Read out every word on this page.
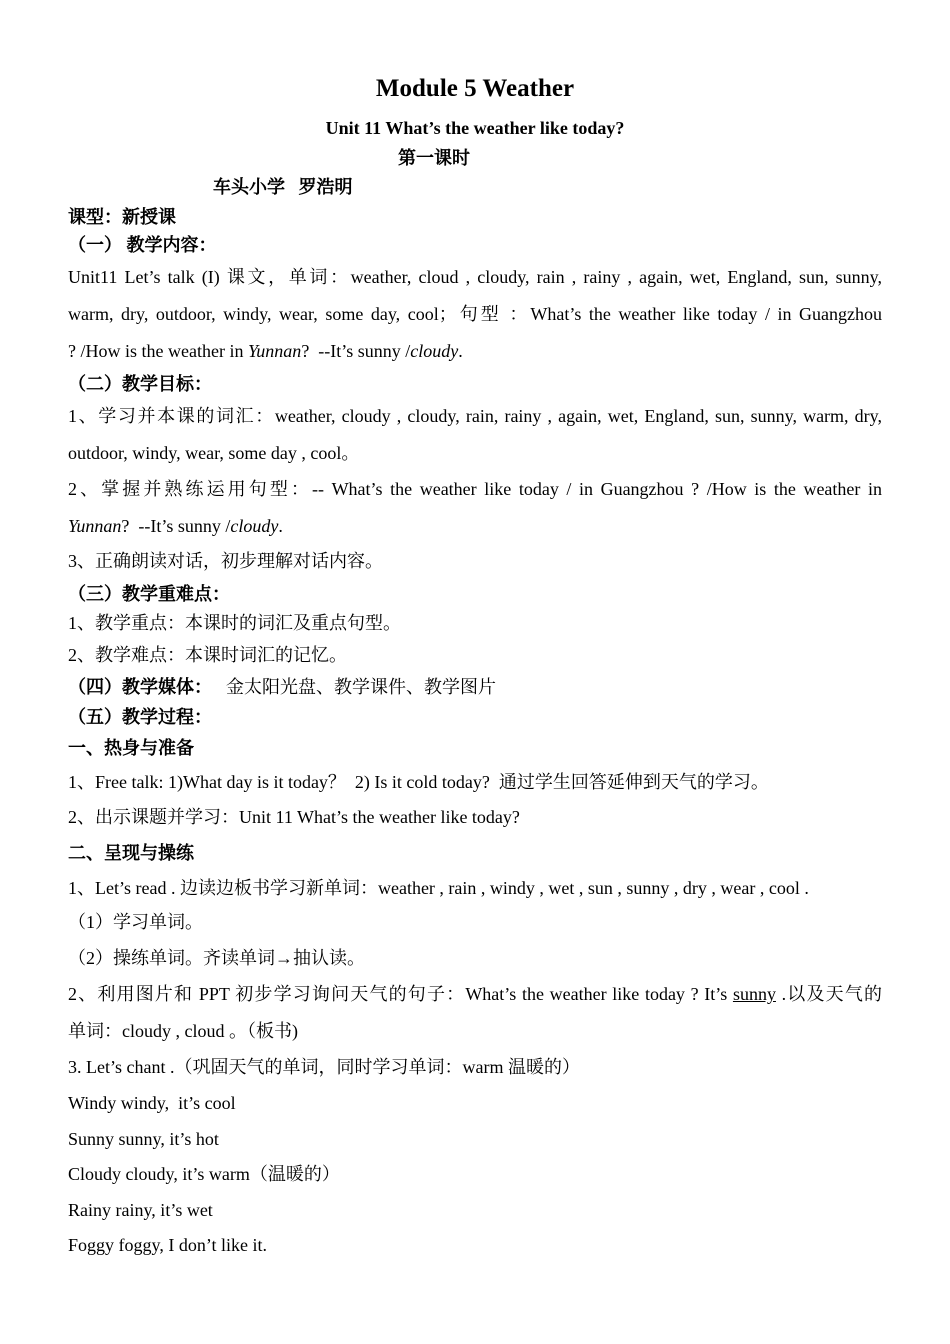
Module 5 Weather
Unit 11 What’s the weather like today?
第一课时
车头小学   罗浩明
课型：新授课
（一） 教学内容：
Unit11 Let’s talk (I) 课文，单词：weather, cloud , cloudy, rain , rainy , again, wet, England, sun, sunny,
warm, dry, outdoor, windy, wear, some day, cool；句型 ：What’s the weather like today / in Guangzhou
? /How is the weather in Yunnan?  --It’s sunny /cloudy.
（二）教学目标：
1、学习并本课的词汇：weather, cloudy , cloudy, rain, rainy , again, wet, England, sun, sunny, warm, dry,
outdoor, windy, wear, some day , cool。
2、掌握并熟练运用句型：-- What’s the weather like today / in Guangzhou ? /How is the weather in
Yunnan?  --It’s sunny /cloudy.
3、正确朗读对话，初步理解对话内容。
（三）教学重难点：
1、教学重点：本课时的词汇及重点句型。
2、教学难点：本课时词汇的记忆。
（四）教学媒体： 金太阳光盘、教学课件、教学图片
（五）教学过程：
一、热身与准备
1、Free talk: 1)What day is it today？  2) Is it cold today?  通过学生回答延伸到天气的学习。
2、出示课题并学习：Unit 11 What’s the weather like today?
二、呈现与操练
1、Let’s read . 边读边板书学习新单词：weather , rain , windy , wet , sun , sunny , dry , wear , cool .
（1）学习单词。
（2）操练单词。齐读单词→抽认读。
2、利用图片和 PPT 初步学习询问天气的句子：What’s the weather like today ? It’s sunny .以及天气的
单词：cloudy , cloud 。（板书)
3. Let’s chant .（巩固天气的单词，同时学习单词：warm 温暖的）
Windy windy,  it’s cool
Sunny sunny, it’s hot
Cloudy cloudy, it’s warm（温暖的）
Rainy rainy, it’s wet
Foggy foggy, I don’t like it.
